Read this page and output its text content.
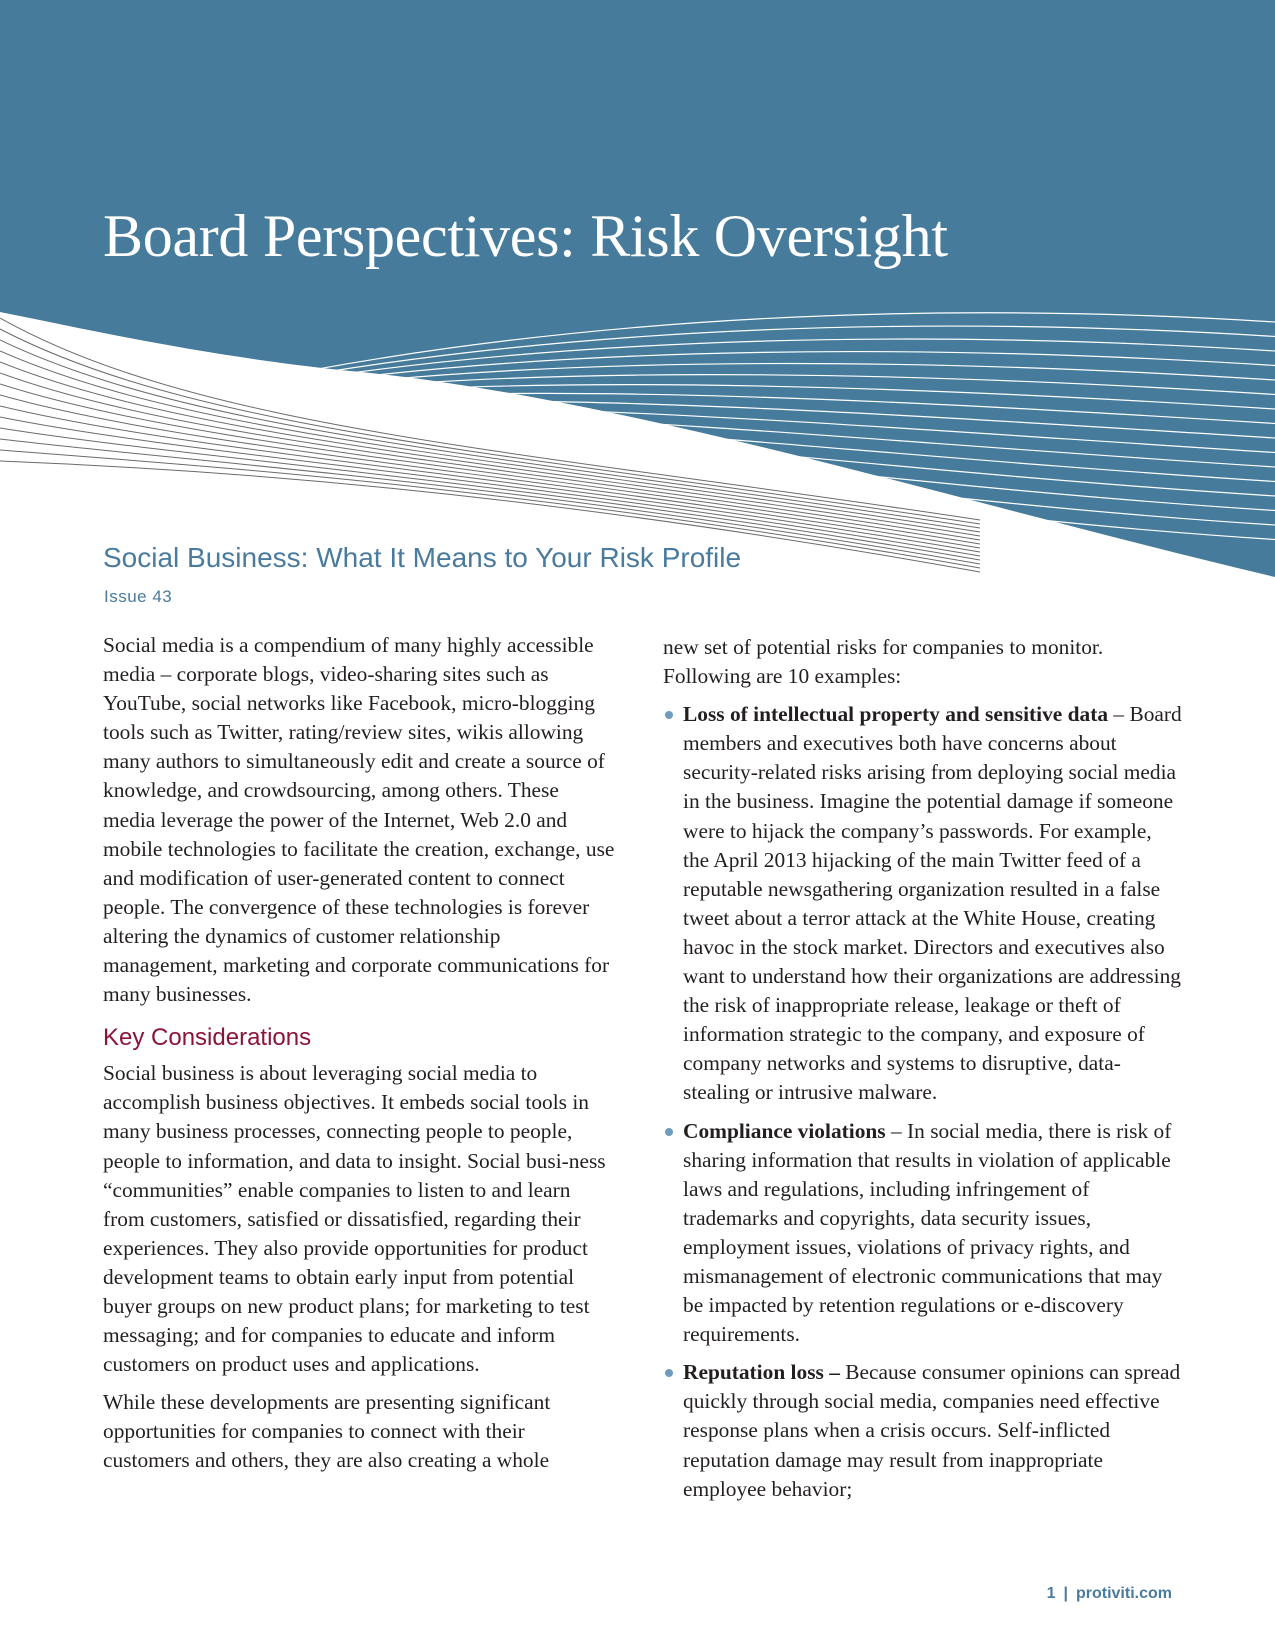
Board Perspectives: Risk Oversight
Social Business: What It Means to Your Risk Profile
Issue 43

Social media is a compendium of many highly accessible media – corporate blogs, video-sharing sites such as YouTube, social networks like Facebook, micro-blogging tools such as Twitter, rating/review sites, wikis allowing many authors to simultaneously edit and create a source of knowledge, and crowdsourcing, among others. These media leverage the power of the Internet, Web 2.0 and mobile technologies to facilitate the creation, exchange, use and modification of user-generated content to connect people. The convergence of these technologies is forever altering the dynamics of customer relationship management, marketing and corporate communications for many businesses.

Key Considerations

Social business is about leveraging social media to accomplish business objectives. It embeds social tools in many business processes, connecting people to people, people to information, and data to insight. Social busi-ness “communities” enable companies to listen to and learn from customers, satisfied or dissatisfied, regarding their experiences. They also provide opportunities for product development teams to obtain early input from potential buyer groups on new product plans; for marketing to test messaging; and for companies to educate and inform customers on product uses and applications.

While these developments are presenting significant opportunities for companies to connect with their customers and others, they are also creating a whole

new set of potential risks for companies to monitor. Following are 10 examples:

Loss of intellectual property and sensitive data – Board members and executives both have concerns about security-related risks arising from deploying social media in the business. Imagine the potential damage if someone were to hijack the company’s passwords. For example, the April 2013 hijacking of the main Twitter feed of a reputable newsgathering organization resulted in a false tweet about a terror attack at the White House, creating havoc in the stock market. Directors and executives also want to understand how their organizations are addressing the risk of inappropriate release, leakage or theft of information strategic to the company, and exposure of company networks and systems to disruptive, data-stealing or intrusive malware.
Compliance violations – In social media, there is risk of sharing information that results in violation of applicable laws and regulations, including infringement of trademarks and copyrights, data security issues, employment issues, violations of privacy rights, and mismanagement of electronic communications that may be impacted by retention regulations or e-discovery requirements.
Reputation loss – Because consumer opinions can spread quickly through social media, companies need effective response plans when a crisis occurs. Self-inflicted reputation damage may result from inappropriate employee behavior;
1 | protiviti.com
